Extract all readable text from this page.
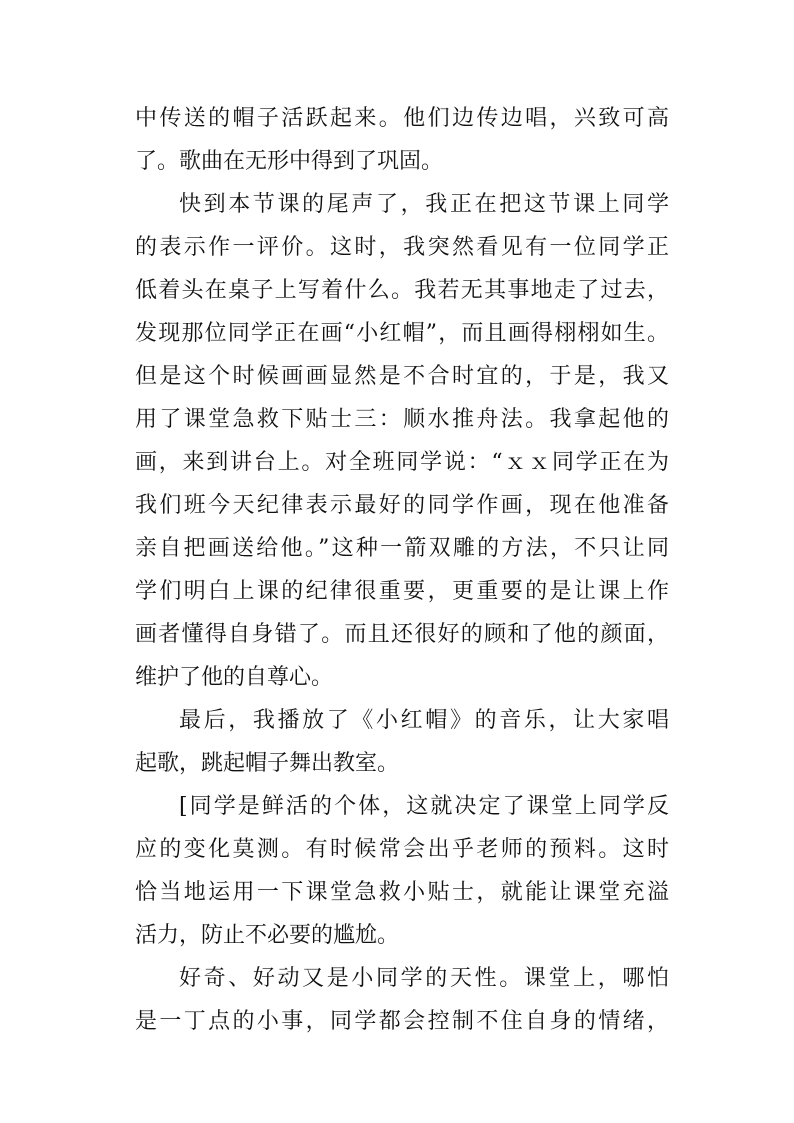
中传送的帽子活跃起来。他们边传边唱，兴致可高
了。歌曲在无形中得到了巩固。
快到本节课的尾声了，我正在把这节课上同学
的表示作一评价。这时，我突然看见有一位同学正
低着头在桌子上写着什么。我若无其事地走了过去，
发现那位同学正在画“小红帽”，而且画得栩栩如生。
但是这个时候画画显然是不合时宜的，于是，我又
用了课堂急救下贴士三：顺水推舟法。我拿起他的
画，来到讲台上。对全班同学说：“ｘｘ同学正在为
我们班今天纪律表示最好的同学作画，现在他准备
亲自把画送给他。”这种一箭双雕的方法，不只让同
学们明白上课的纪律很重要，更重要的是让课上作
画者懂得自身错了。而且还很好的顾和了他的颜面，
维护了他的自尊心。
最后，我播放了《小红帽》的音乐，让大家唱
起歌，跳起帽子舞出教室。
[同学是鲜活的个体，这就决定了课堂上同学反
应的变化莫测。有时候常会出乎老师的预料。这时
恰当地运用一下课堂急救小贴士，就能让课堂充溢
活力，防止不必要的尴尬。
好奇、好动又是小同学的天性。课堂上，哪怕
是一丁点的小事，同学都会控制不住自身的情绪，
